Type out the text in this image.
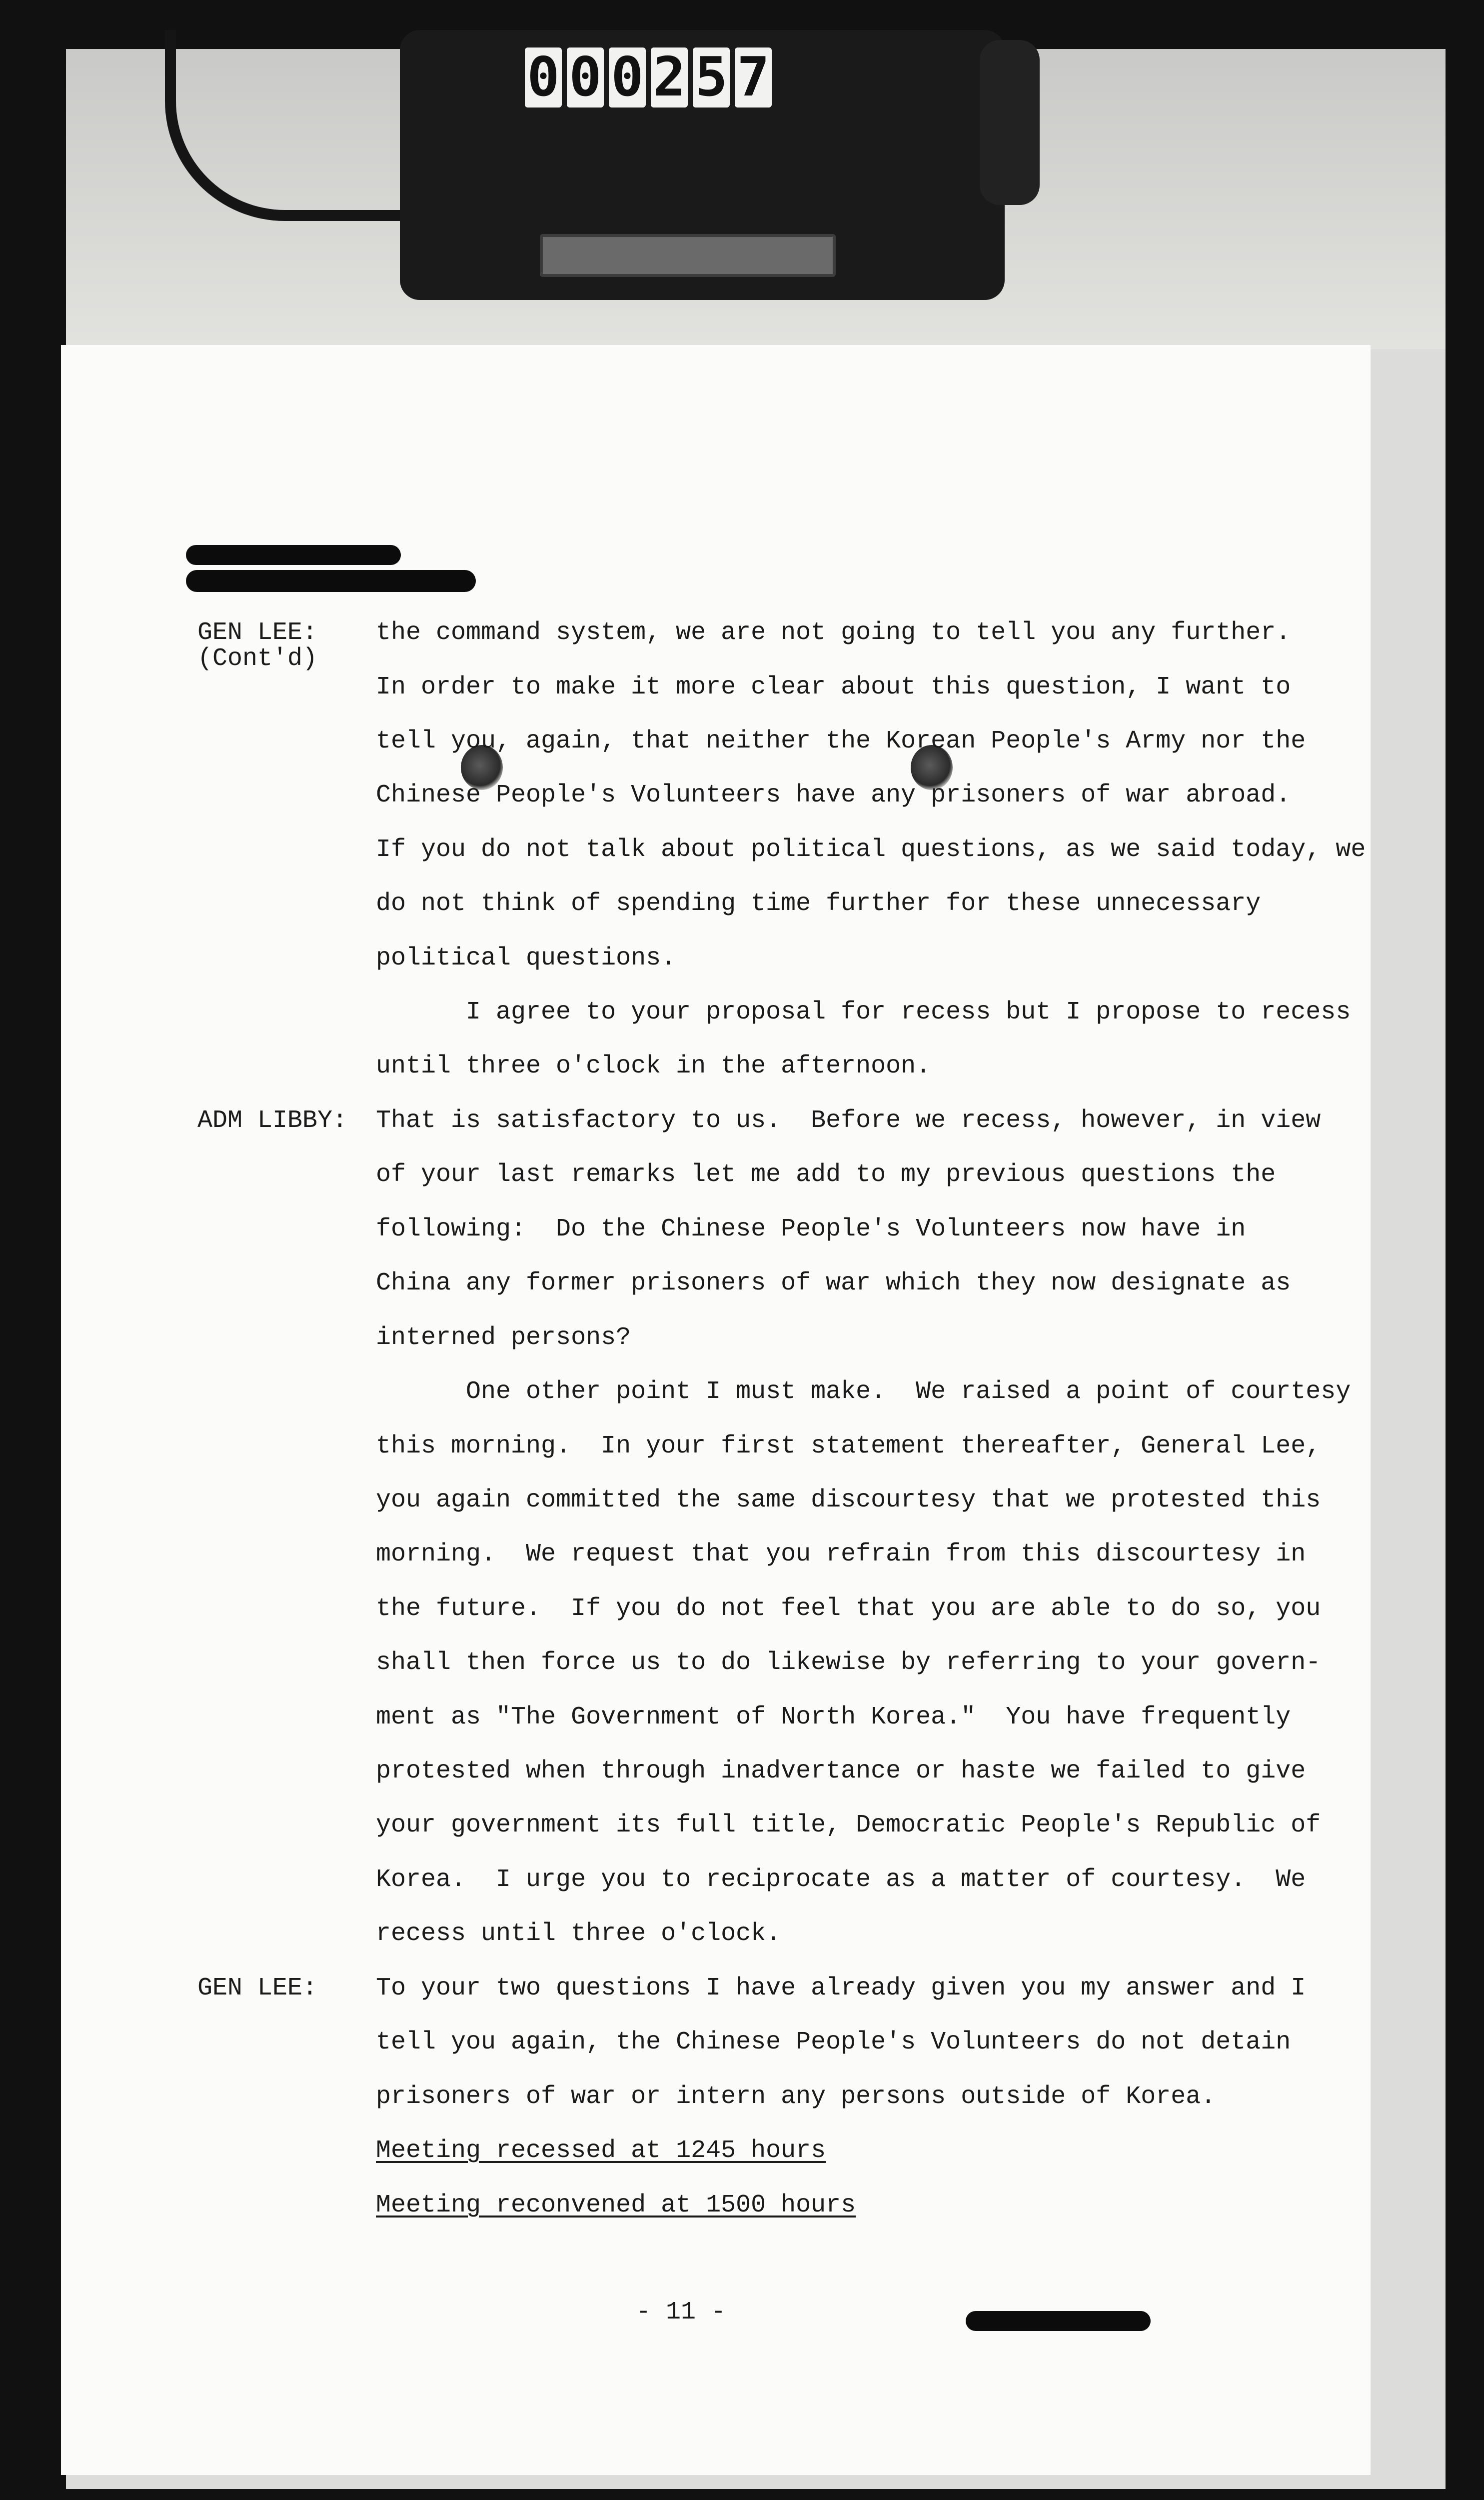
0 0 0 2 5 7
GEN LEE:
(Cont'd)
the command system, we are not going to tell you any further.
In order to make it more clear about this question, I want to
tell you, again, that neither the Korean People's Army nor the
Chinese People's Volunteers have any prisoners of war abroad.
If you do not talk about political questions, as we said today, we
do not think of spending time further for these unnecessary
political questions.
I agree to your proposal for recess but I propose to recess
until three o'clock in the afternoon.
ADM LIBBY: That is satisfactory to us.  Before we recess, however, in view
of your last remarks let me add to my previous questions the
following:  Do the Chinese People's Volunteers now have in
China any former prisoners of war which they now designate as
interned persons?
One other point I must make.  We raised a point of courtesy
this morning.  In your first statement thereafter, General Lee,
you again committed the same discourtesy that we protested this
morning.  We request that you refrain from this discourtesy in
the future.  If you do not feel that you are able to do so, you
shall then force us to do likewise by referring to your govern-
ment as "The Government of North Korea."  You have frequently
protested when through inadvertance or haste we failed to give
your government its full title, Democratic People's Republic of
Korea.  I urge you to reciprocate as a matter of courtesy.  We
recess until three o'clock.
GEN LEE: To your two questions I have already given you my answer and I
tell you again, the Chinese People's Volunteers do not detain
prisoners of war or intern any persons outside of Korea.
Meeting recessed at 1245 hours
Meeting reconvened at 1500 hours
- 11 -
